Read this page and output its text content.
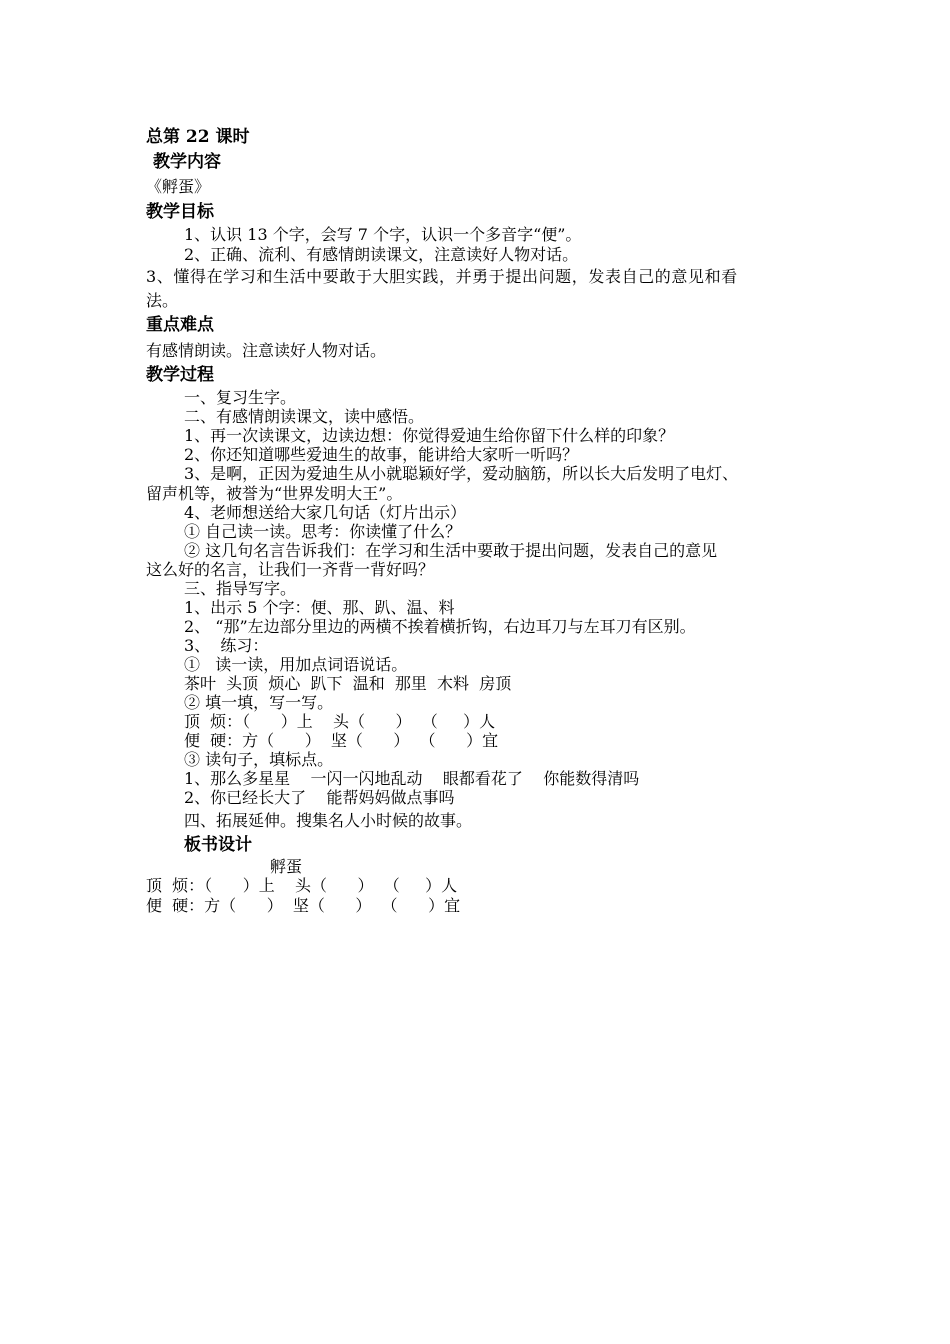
总第 22 课时

教学内容

《孵蛋》

教学目标

1、认识 13 个字，会写 7 个字，认识一个多音字“便”。

2、正确、流利、有感情朗读课文，注意读好人物对话。

3、懂得在学习和生活中要敢于大胆实践，并勇于提出问题，发表自己的意见和看

法。

重点难点

有感情朗读。注意读好人物对话。

教学过程

一、复习生字。

二、有感情朗读课文，读中感悟。

1、再一次读课文，边读边想：你觉得爱迪生给你留下什么样的印象？

2、你还知道哪些爱迪生的故事，能讲给大家听一听吗？

3、是啊，正因为爱迪生从小就聪颖好学，爱动脑筋，所以长大后发明了电灯、

留声机等，被誉为“世界发明大王”。

4、老师想送给大家几句话（灯片出示）

① 自己读一读。思考：你读懂了什么？

② 这几句名言告诉我们：在学习和生活中要敢于提出问题，发表自己的意见

这么好的名言，让我们一齐背一背好吗？

三、指导写字。

1、出示 5 个字：便、那、趴、温、料

2、 “那”左边部分里边的两横不挨着横折钩，右边耳刀与左耳刀有区别。

3、  练习：

①   读一读，用加点词语说话。

茶叶  头顶  烦心  趴下  温和  那里  木料  房顶

② 填一填，写一写。

顶  烦：（      ）上    头（      ）  （     ）人

便  硬：方（      ）  坚（      ）  （      ）宜

③ 读句子，填标点。

1、那么多星星    一闪一闪地乱动    眼都看花了    你能数得清吗

2、你已经长大了    能帮妈妈做点事吗

四、拓展延伸。搜集名人小时候的故事。

板书设计

孵蛋

顶  烦：（      ）上    头（      ）  （     ）人

便  硬：方（      ）  坚（      ）  （      ）宜
